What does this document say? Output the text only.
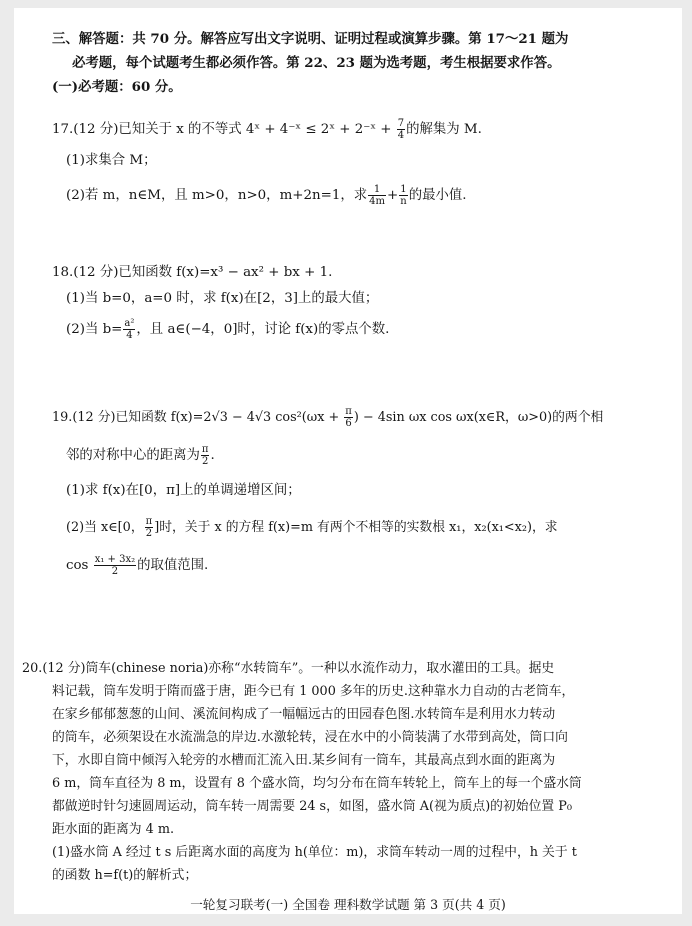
三、解答题：共 70 分。解答应写出文字说明、证明过程或演算步骤。第 17～21 题为
必考题，每个试题考生都必须作答。第 22、23 题为选考题，考生根据要求作答。
(一)必考题：60 分。
17.(12 分)已知关于 x 的不等式 4ˣ + 4⁻ˣ ≤ 2ˣ + 2⁻ˣ + $\frac{7}{4}$ 的解集为 M.
(1)求集合 M；
(2)若 m，n∈M，且 m>0，n>0，m+2n=1，求 $\frac{1}{4m} + \frac{1}{n}$ 的最小值.
18.(12 分)已知函数 f(x)=x³ − ax² + bx + 1.
(1)当 b=0，a=0 时，求 f(x)在[2，3]上的最大值；
(2)当 $b= \frac{\text{a²}}{4}$ ，且 a∈(−4，0]时，讨论 f(x)的零点个数.
19.(12 分)已知函数 f(x)=2√3 − 4√3 $\cos^2(\omega x + \frac{\pi}{6}$ ) − 4sin ωx cos ωx(x∈R，ω>0)的两个相
邻的对称中心的距离为 $\frac{\pi}{2}$ .
(1)求 f(x)在[0，π]上的单调递增区间；
(2)当 x∈[0， $\frac{\pi}{2}$ ]时，关于 x 的方程 f(x)=m 有两个不相等的实数根 x₁，x₂(x₁<x₂)，求
$\cos \frac{\text{x₁ + 3x₂}}{2}$ 的取值范围.
20.(12 分)筒车(chinese noria)亦称“水转筒车”。一种以水流作动力，取水灌田的工具。据史
料记载，筒车发明于隋而盛于唐，距今已有 1 000 多年的历史.这种靠水力自动的古老筒车，
在家乡郁郁葱葱的山间、溪流间构成了一幅幅远古的田园春色图.水转筒车是利用水力转动
的筒车，必须架设在水流湍急的岸边.水激轮转，浸在水中的小筒装满了水带到高处，筒口向
下，水即自筒中倾泻入轮旁的水槽而汇流入田.某乡间有一筒车，其最高点到水面的距离为
6 m，筒车直径为 8 m，设置有 8 个盛水筒，均匀分布在筒车转轮上，筒车上的每一个盛水筒
都做逆时针匀速圆周运动，筒车转一周需要 24 s，如图，盛水筒 A(视为质点)的初始位置 P₀
距水面的距离为 4 m.
(1)盛水筒 A 经过 t s 后距离水面的高度为 h(单位：m)，求筒车转动一周的过程中，h 关于 t
的函数 h=f(t)的解析式；
一轮复习联考(一) 全国卷 理科数学试题 第 3 页(共 4 页)
